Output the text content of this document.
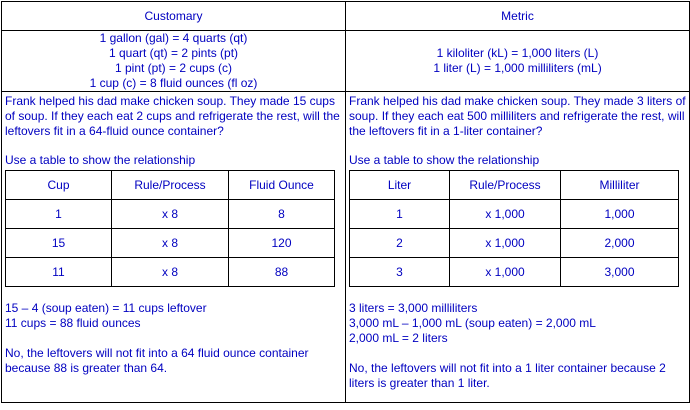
Customary	Metric

1 gallon (gal) = 4 quarts (qt)
1 quart (qt) = 2 pints (pt)
1 pint (pt) = 2 cups (c)
1 cup (c) = 8 fluid ounces (fl oz)

1 kiloliter (kL) = 1,000 liters (L)
1 liter (L) = 1,000 milliliters (mL)

Frank helped his dad make chicken soup. They made 15 cups of soup. If they each eat 2 cups and refrigerate the rest, will the leftovers fit in a 64-fluid ounce container?

Use a table to show the relationship

Cup	Rule/Process	Fluid Ounce
1	x 8	8
15	x 8	120
11	x 8	88
15 – 4 (soup eaten) = 11 cups leftover
11 cups = 88 fluid ounces
No, the leftovers will not fit into a 64 fluid ounce container because 88 is greater than 64.

Frank helped his dad make chicken soup. They made 3 liters of soup. If they each eat 500 milliliters and refrigerate the rest, will the leftovers fit in a 1-liter container?

Use a table to show the relationship

Liter	Rule/Process	Milliliter
1	x 1,000	1,000
2	x 1,000	2,000
3	x 1,000	3,000
3 liters = 3,000 milliliters
3,000 mL – 1,000 mL (soup eaten) = 2,000 mL
2,000 mL = 2 liters
No, the leftovers will not fit into a 1 liter container because 2 liters is greater than 1 liter.
